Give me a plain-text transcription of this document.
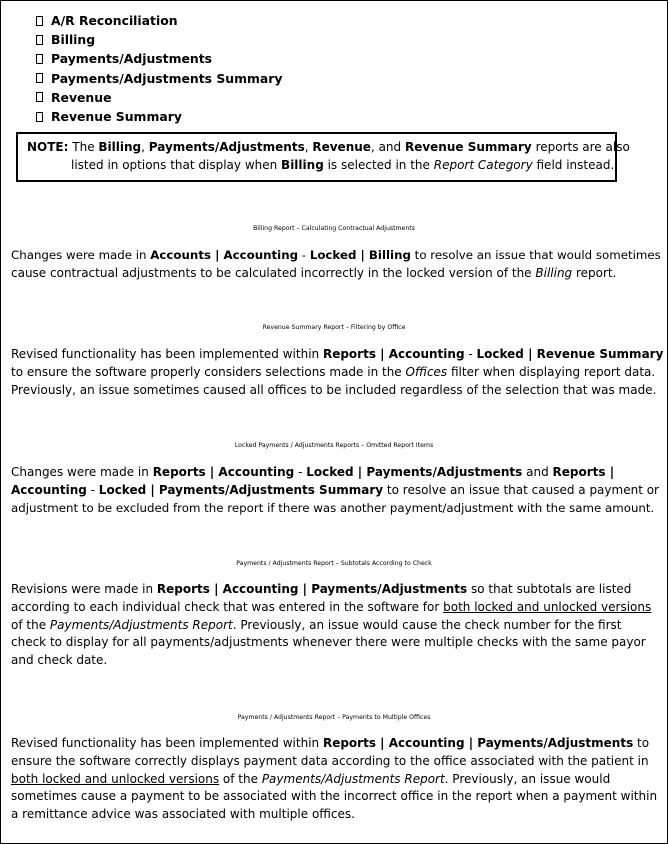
A/R Reconciliation
Billing
Payments/Adjustments
Payments/Adjustments Summary
Revenue
Revenue Summary
NOTE: The Billing, Payments/Adjustments, Revenue, and Revenue Summary reports are also
listed in options that display when Billing is selected in the Report Category field instead.
Billing Report – Calculating Contractual Adjustments
Changes were made in Accounts | Accounting - Locked | Billing to resolve an issue that would sometimes
cause contractual adjustments to be calculated incorrectly in the locked version of the Billing report.
Revenue Summary Report – Filtering by Office
Revised functionality has been implemented within Reports | Accounting - Locked | Revenue Summary
to ensure the software properly considers selections made in the Offices filter when displaying report data.
Previously, an issue sometimes caused all offices to be included regardless of the selection that was made.
Locked Payments / Adjustments Reports – Omitted Report Items
Changes were made in Reports | Accounting - Locked | Payments/Adjustments and Reports |
Accounting - Locked | Payments/Adjustments Summary to resolve an issue that caused a payment or
adjustment to be excluded from the report if there was another payment/adjustment with the same amount.
Payments / Adjustments Report – Subtotals According to Check
Revisions were made in Reports | Accounting | Payments/Adjustments so that subtotals are listed
according to each individual check that was entered in the software for both locked and unlocked versions
of the Payments/Adjustments Report. Previously, an issue would cause the check number for the first
check to display for all payments/adjustments whenever there were multiple checks with the same payor
and check date.
Payments / Adjustments Report – Payments to Multiple Offices
Revised functionality has been implemented within Reports | Accounting | Payments/Adjustments to
ensure the software correctly displays payment data according to the office associated with the patient in
both locked and unlocked versions of the Payments/Adjustments Report. Previously, an issue would
sometimes cause a payment to be associated with the incorrect office in the report when a payment within
a remittance advice was associated with multiple offices.
